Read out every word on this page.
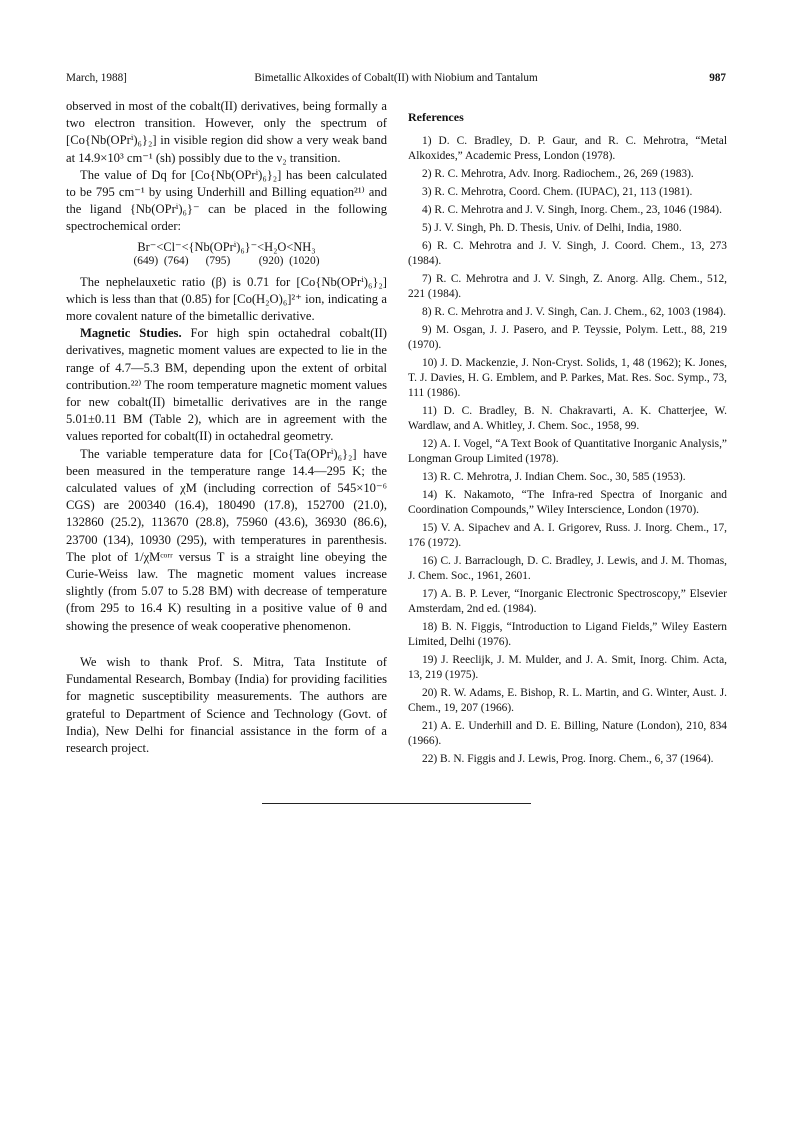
March, 1988]	Bimetallic Alkoxides of Cobalt(II) with Niobium and Tantalum	987

observed in most of the cobalt(II) derivatives, being formally a two electron transition. However, only the spectrum of [Co{Nb(OPrⁱ)₆}₂] in visible region did show a very weak band at 14.9×10³ cm⁻¹ (sh) possibly due to the ν₂ transition.

The value of Dq for [Co{Nb(OPrⁱ)₆}₂] has been calculated to be 795 cm⁻¹ by using Underhill and Billing equation²¹⁾ and the ligand {Nb(OPrⁱ)₆}⁻ can be placed in the following spectrochemical order:

Br⁻<Cl⁻<{Nb(OPrⁱ)₆}⁻<H₂O<NH₃
(649)  (764)      (795)          (920)  (1020)

The nephelauxetic ratio (β) is 0.71 for [Co{Nb(OPrⁱ)₆}₂] which is less than that (0.85) for [Co(H₂O)₆]²⁺ ion, indicating a more covalent nature of the bimetallic derivative.

Magnetic Studies. For high spin octahedral cobalt(II) derivatives, magnetic moment values are expected to lie in the range of 4.7—5.3 BM, depending upon the extent of orbital contribution.²²⁾ The room temperature magnetic moment values for new cobalt(II) bimetallic derivatives are in the range 5.01±0.11 BM (Table 2), which are in agreement with the values reported for cobalt(II) in octahedral geometry.

The variable temperature data for [Co{Ta(OPrⁱ)₆}₂] have been measured in the temperature range 14.4—295 K; the calculated values of χM (including correction of 545×10⁻⁶ CGS) are 200340 (16.4), 180490 (17.8), 152700 (21.0), 132860 (25.2), 113670 (28.8), 75960 (43.6), 36930 (86.6), 23700 (134), 10930 (295), with temperatures in parenthesis. The plot of 1/χMᶜᵒʳʳ versus T is a straight line obeying the Curie-Weiss law. The magnetic moment values increase slightly (from 5.07 to 5.28 BM) with decrease of temperature (from 295 to 16.4 K) resulting in a positive value of θ and showing the presence of weak cooperative phenomenon.

We wish to thank Prof. S. Mitra, Tata Institute of Fundamental Research, Bombay (India) for providing facilities for magnetic susceptibility measurements. The authors are grateful to Department of Science and Technology (Govt. of India), New Delhi for financial assistance in the form of a research project.

References

1) D. C. Bradley, D. P. Gaur, and R. C. Mehrotra, “Metal Alkoxides,” Academic Press, London (1978).

2) R. C. Mehrotra, Adv. Inorg. Radiochem., 26, 269 (1983).

3) R. C. Mehrotra, Coord. Chem. (IUPAC), 21, 113 (1981).

4) R. C. Mehrotra and J. V. Singh, Inorg. Chem., 23, 1046 (1984).

5) J. V. Singh, Ph. D. Thesis, Univ. of Delhi, India, 1980.

6) R. C. Mehrotra and J. V. Singh, J. Coord. Chem., 13, 273 (1984).

7) R. C. Mehrotra and J. V. Singh, Z. Anorg. Allg. Chem., 512, 221 (1984).

8) R. C. Mehrotra and J. V. Singh, Can. J. Chem., 62, 1003 (1984).

9) M. Osgan, J. J. Pasero, and P. Teyssie, Polym. Lett., 88, 219 (1970).

10) J. D. Mackenzie, J. Non-Cryst. Solids, 1, 48 (1962); K. Jones, T. J. Davies, H. G. Emblem, and P. Parkes, Mat. Res. Soc. Symp., 73, 111 (1986).

11) D. C. Bradley, B. N. Chakravarti, A. K. Chatterjee, W. Wardlaw, and A. Whitley, J. Chem. Soc., 1958, 99.

12) A. I. Vogel, “A Text Book of Quantitative Inorganic Analysis,” Longman Group Limited (1978).

13) R. C. Mehrotra, J. Indian Chem. Soc., 30, 585 (1953).

14) K. Nakamoto, “The Infra-red Spectra of Inorganic and Coordination Compounds,” Wiley Interscience, London (1970).

15) V. A. Sipachev and A. I. Grigorev, Russ. J. Inorg. Chem., 17, 176 (1972).

16) C. J. Barraclough, D. C. Bradley, J. Lewis, and J. M. Thomas, J. Chem. Soc., 1961, 2601.

17) A. B. P. Lever, “Inorganic Electronic Spectroscopy,” Elsevier Amsterdam, 2nd ed. (1984).

18) B. N. Figgis, “Introduction to Ligand Fields,” Wiley Eastern Limited, Delhi (1976).

19) J. Reeclijk, J. M. Mulder, and J. A. Smit, Inorg. Chim. Acta, 13, 219 (1975).

20) R. W. Adams, E. Bishop, R. L. Martin, and G. Winter, Aust. J. Chem., 19, 207 (1966).

21) A. E. Underhill and D. E. Billing, Nature (London), 210, 834 (1966).

22) B. N. Figgis and J. Lewis, Prog. Inorg. Chem., 6, 37 (1964).
